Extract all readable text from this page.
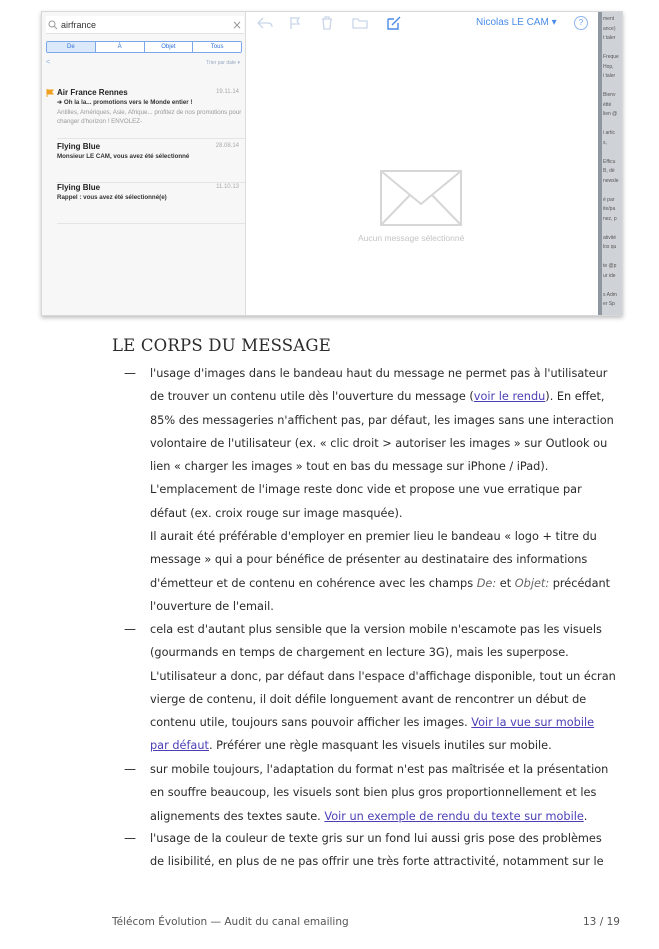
airfrance	×
De	À	Objet	Tous
<	Trier par date ▾
Air France Rennes	19.11.14
➔ Oh la la... promotions vers le Monde entier !
Antilles, Amériques, Asie, Afrique... profitez de nos promotions pour changer d'horizon ! ENVOLEZ-
Flying Blue	28.08.14
Monsieur LE CAM, vous avez été sélectionné
Flying Blue	11.10.13
Rappel : vous avez été sélectionné(e)
Nicolas LE CAM ▾	?
Aucun message sélectionné
ment
ance)
t taler
Freque
Hop,
i taler
Bienv
étté
lien @
i artic
s,
Efficu
B, dè
newsle
é par
ite/pa
nez, p
ativité
los qu
te @p
ur ide
s Adm
er Sp
LE CORPS DU MESSAGE
— l'usage d'images dans le bandeau haut du message ne permet pas à l'utilisateur

de trouver un contenu utile dès l'ouverture du message (voir le rendu). En effet,

85% des messageries n'affichent pas, par défaut, les images sans une interaction

volontaire de l'utilisateur (ex. « clic droit > autoriser les images » sur Outlook ou

lien « charger les images » tout en bas du message sur iPhone / iPad).

L'emplacement de l'image reste donc vide et propose une vue erratique par

défaut (ex. croix rouge sur image masquée).

Il aurait été préférable d'employer en premier lieu le bandeau « logo + titre du

message » qui a pour bénéfice de présenter au destinataire des informations

d'émetteur et de contenu en cohérence avec les champs De: et Objet: précédant

l'ouverture de l'email.

— cela est d'autant plus sensible que la version mobile n'escamote pas les visuels

(gourmands en temps de chargement en lecture 3G), mais les superpose.

L'utilisateur a donc, par défaut dans l'espace d'affichage disponible, tout un écran

vierge de contenu, il doit défile longuement avant de rencontrer un début de

contenu utile, toujours sans pouvoir afficher les images. Voir la vue sur mobile

par défaut. Préférer une règle masquant les visuels inutiles sur mobile.

— sur mobile toujours, l'adaptation du format n'est pas maîtrisée et la présentation

en souffre beaucoup, les visuels sont bien plus gros proportionnellement et les

alignements des textes saute. Voir un exemple de rendu du texte sur mobile.

— l'usage de la couleur de texte gris sur un fond lui aussi gris pose des problèmes

de lisibilité, en plus de ne pas offrir une très forte attractivité, notamment sur le

Télécom Évolution — Audit du canal emailing	13 / 19
